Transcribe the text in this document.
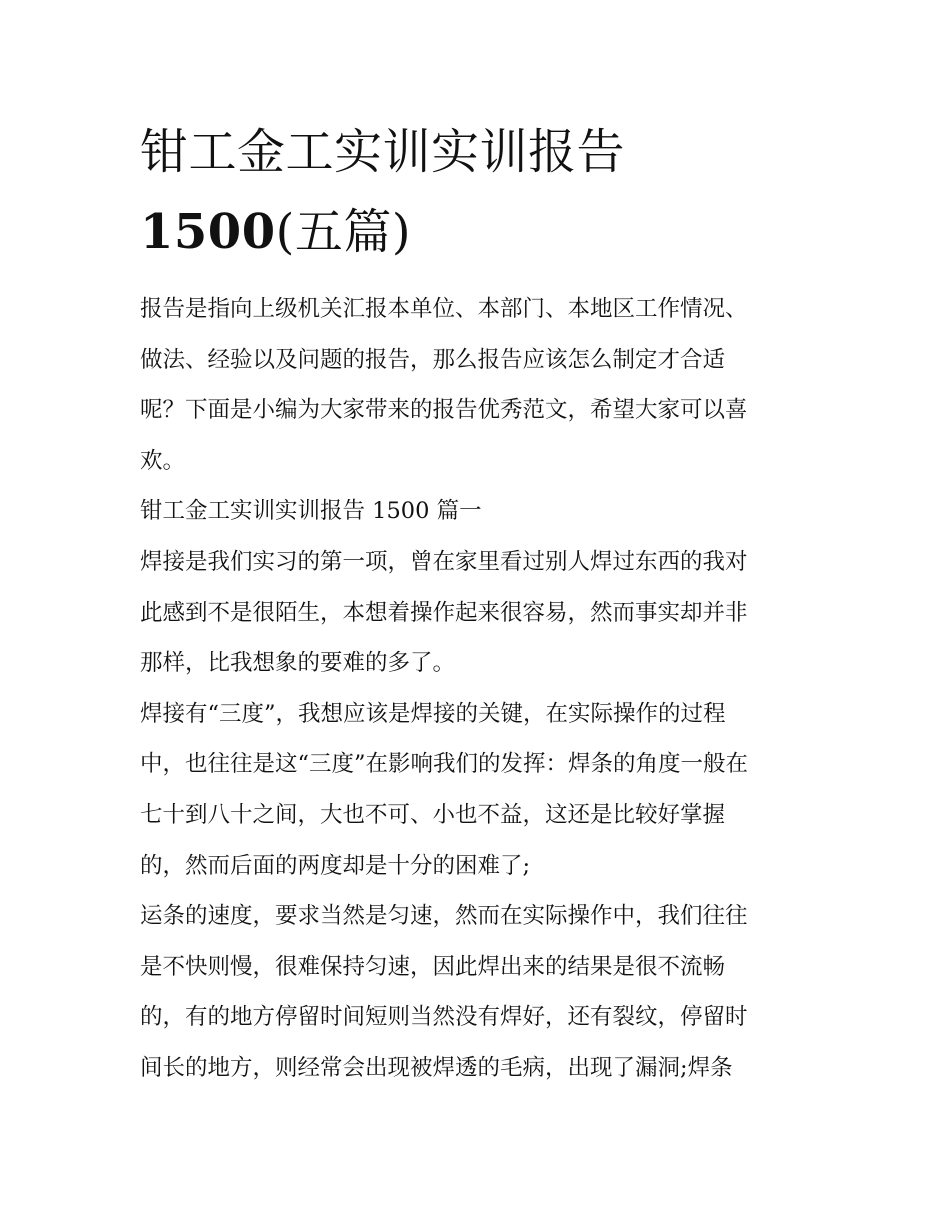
钳工金工实训实训报告
1500(五篇)
报告是指向上级机关汇报本单位、本部门、本地区工作情况、
做法、经验以及问题的报告，那么报告应该怎么制定才合适
呢？下面是小编为大家带来的报告优秀范文，希望大家可以喜
欢。
钳工金工实训实训报告 1500 篇一
焊接是我们实习的第一项，曾在家里看过别人焊过东西的我对
此感到不是很陌生，本想着操作起来很容易，然而事实却并非
那样，比我想象的要难的多了。
焊接有“三度”，我想应该是焊接的关键，在实际操作的过程
中，也往往是这“三度”在影响我们的发挥：焊条的角度一般在
七十到八十之间，大也不可、小也不益，这还是比较好掌握
的，然而后面的两度却是十分的困难了;
运条的速度，要求当然是匀速，然而在实际操作中，我们往往
是不快则慢，很难保持匀速，因此焊出来的结果是很不流畅
的，有的地方停留时间短则当然没有焊好，还有裂纹，停留时
间长的地方，则经常会出现被焊透的毛病，出现了漏洞;焊条
